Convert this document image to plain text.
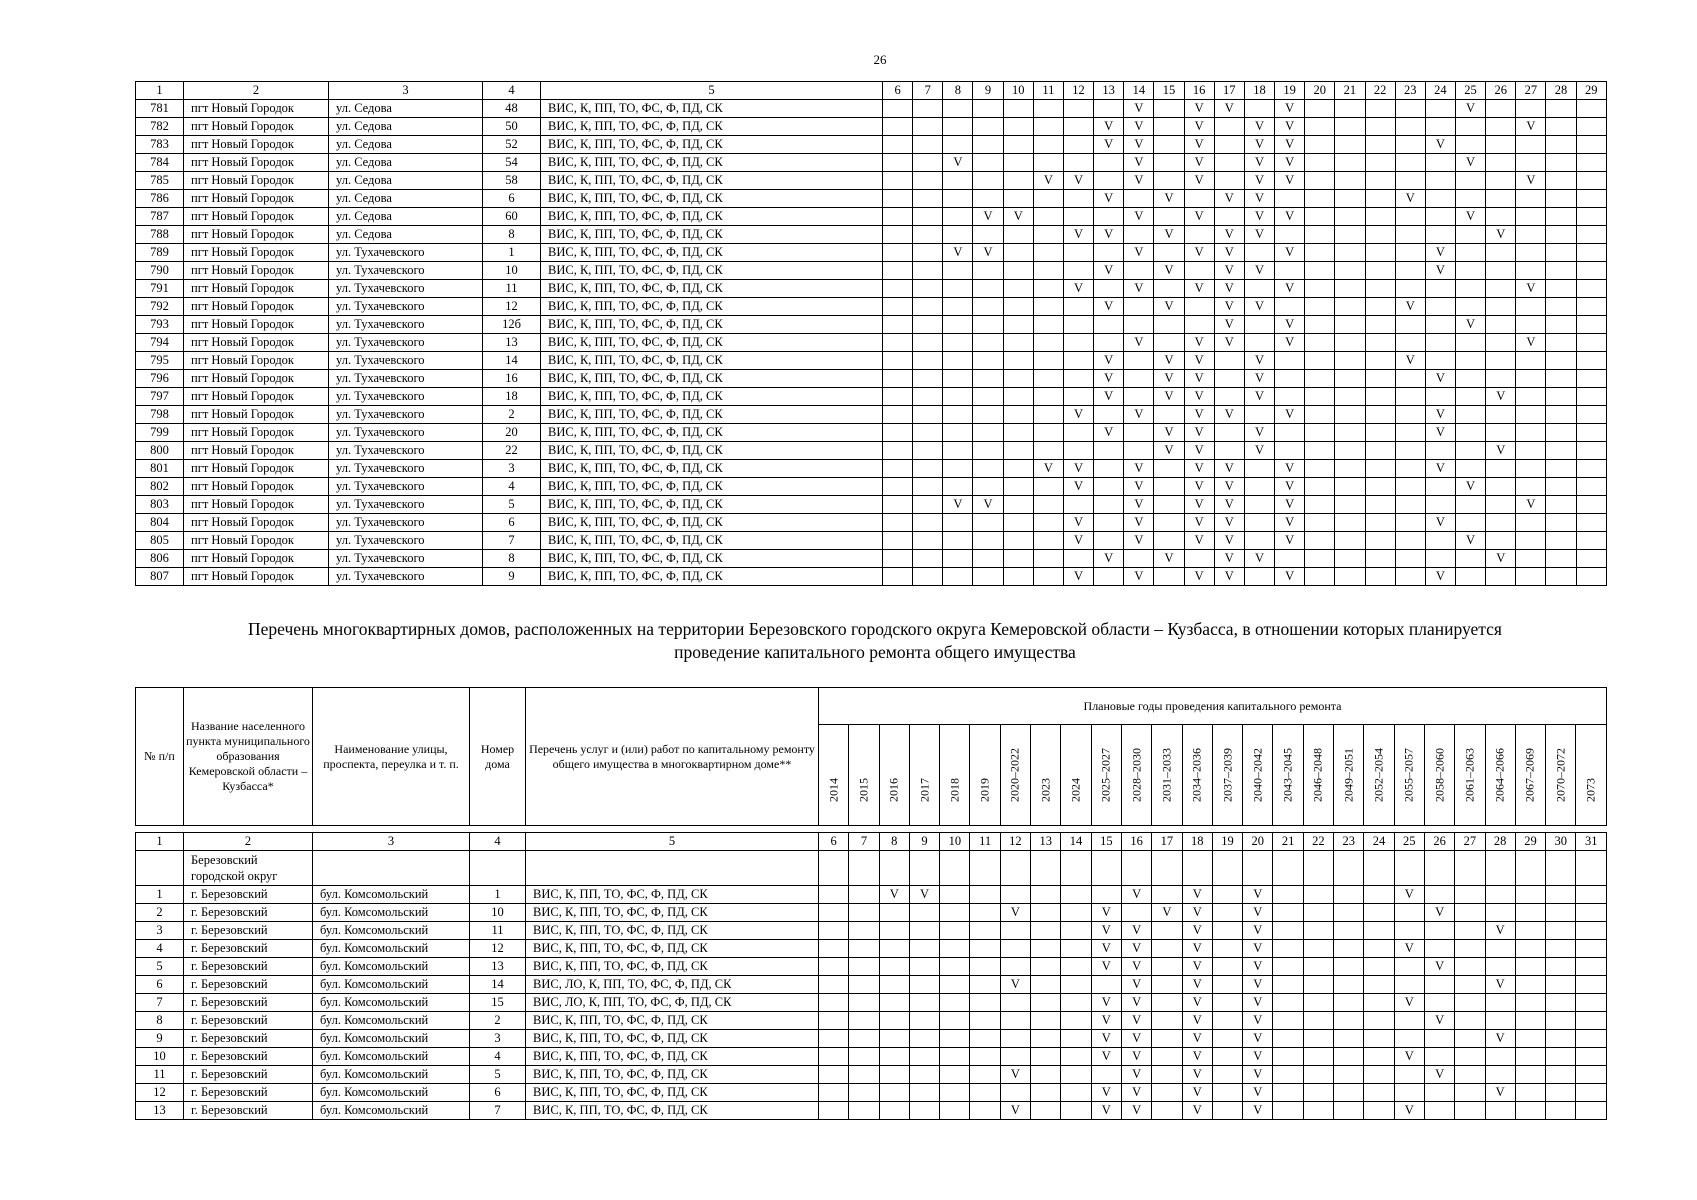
26
1	2	3	4	5	6	7	8	9	10	11	12	13	14	15	16	17	18	19	20	21	22	23	24	25	26	27	28	29
781	пгт Новый Городок	ул. Седова	48	ВИС, К, ПП, ТО, ФС, Ф, ПД, СК									V		V	V		V						V				
782	пгт Новый Городок	ул. Седова	50	ВИС, К, ПП, ТО, ФС, Ф, ПД, СК								V	V		V		V	V								V		
783	пгт Новый Городок	ул. Седова	52	ВИС, К, ПП, ТО, ФС, Ф, ПД, СК								V	V		V		V	V					V					
784	пгт Новый Городок	ул. Седова	54	ВИС, К, ПП, ТО, ФС, Ф, ПД, СК			V						V		V		V	V						V				
785	пгт Новый Городок	ул. Седова	58	ВИС, К, ПП, ТО, ФС, Ф, ПД, СК						V	V		V		V		V	V								V		
786	пгт Новый Городок	ул. Седова	6	ВИС, К, ПП, ТО, ФС, Ф, ПД, СК								V		V		V	V					V						
787	пгт Новый Городок	ул. Седова	60	ВИС, К, ПП, ТО, ФС, Ф, ПД, СК				V	V				V		V		V	V						V				
788	пгт Новый Городок	ул. Седова	8	ВИС, К, ПП, ТО, ФС, Ф, ПД, СК							V	V		V		V	V								V			
789	пгт Новый Городок	ул. Тухачевского	1	ВИС, К, ПП, ТО, ФС, Ф, ПД, СК			V	V					V		V	V		V					V					
790	пгт Новый Городок	ул. Тухачевского	10	ВИС, К, ПП, ТО, ФС, Ф, ПД, СК								V		V		V	V						V					
791	пгт Новый Городок	ул. Тухачевского	11	ВИС, К, ПП, ТО, ФС, Ф, ПД, СК							V		V		V	V		V								V		
792	пгт Новый Городок	ул. Тухачевского	12	ВИС, К, ПП, ТО, ФС, Ф, ПД, СК								V		V		V	V					V						
793	пгт Новый Городок	ул. Тухачевского	12б	ВИС, К, ПП, ТО, ФС, Ф, ПД, СК												V		V						V				
794	пгт Новый Городок	ул. Тухачевского	13	ВИС, К, ПП, ТО, ФС, Ф, ПД, СК									V		V	V		V								V		
795	пгт Новый Городок	ул. Тухачевского	14	ВИС, К, ПП, ТО, ФС, Ф, ПД, СК								V		V	V		V					V						
796	пгт Новый Городок	ул. Тухачевского	16	ВИС, К, ПП, ТО, ФС, Ф, ПД, СК								V		V	V		V						V					
797	пгт Новый Городок	ул. Тухачевского	18	ВИС, К, ПП, ТО, ФС, Ф, ПД, СК								V		V	V		V								V			
798	пгт Новый Городок	ул. Тухачевского	2	ВИС, К, ПП, ТО, ФС, Ф, ПД, СК							V		V		V	V		V					V					
799	пгт Новый Городок	ул. Тухачевского	20	ВИС, К, ПП, ТО, ФС, Ф, ПД, СК								V		V	V		V						V					
800	пгт Новый Городок	ул. Тухачевского	22	ВИС, К, ПП, ТО, ФС, Ф, ПД, СК										V	V		V								V			
801	пгт Новый Городок	ул. Тухачевского	3	ВИС, К, ПП, ТО, ФС, Ф, ПД, СК						V	V		V		V	V		V					V					
802	пгт Новый Городок	ул. Тухачевского	4	ВИС, К, ПП, ТО, ФС, Ф, ПД, СК							V		V		V	V		V						V				
803	пгт Новый Городок	ул. Тухачевского	5	ВИС, К, ПП, ТО, ФС, Ф, ПД, СК			V	V					V		V	V		V								V		
804	пгт Новый Городок	ул. Тухачевского	6	ВИС, К, ПП, ТО, ФС, Ф, ПД, СК							V		V		V	V		V					V					
805	пгт Новый Городок	ул. Тухачевского	7	ВИС, К, ПП, ТО, ФС, Ф, ПД, СК							V		V		V	V		V						V				
806	пгт Новый Городок	ул. Тухачевского	8	ВИС, К, ПП, ТО, ФС, Ф, ПД, СК								V		V		V	V								V			
807	пгт Новый Городок	ул. Тухачевского	9	ВИС, К, ПП, ТО, ФС, Ф, ПД, СК							V		V		V	V		V					V					
Перечень многоквартирных домов, расположенных на территории Березовского городского округа Кемеровской области – Кузбасса, в отношении которых планируется
проведение капитального ремонта общего имущества
№ п/п	Название населенного пункта муниципального образования Кемеровской области – Кузбасса*	Наименование улицы, проспекта, переулка и т. п.	Номер дома	Перечень услуг и (или) работ по капитальному ремонту общего имущества в многоквартирном доме**	Плановые годы проведения капитального ремонта																									

					2014	2015	2016	2017	2018	2019	2020–2022	2023	2024	2025–2027	2028–2030	2031–2033	2034–2036	2037–2039	2040–2042	2043–2045	2046–2048	2049–2051	2052–2054	2055–2057	2058–2060	2061–2063	2064–2066	2067–2069	2070–2072	2073

1	2	3	4	5	6	7	8	9	10	11	12	13	14	15	16	17	18	19	20	21	22	23	24	25	26	27	28	29	30	31
	Березовский городской округ																													
1	г. Березовский	бул. Комсомольский	1	ВИС, К, ПП, ТО, ФС, Ф, ПД, СК			V	V							V		V		V					V						
2	г. Березовский	бул. Комсомольский	10	ВИС, К, ПП, ТО, ФС, Ф, ПД, СК							V			V		V	V		V						V					
3	г. Березовский	бул. Комсомольский	11	ВИС, К, ПП, ТО, ФС, Ф, ПД, СК										V	V		V		V								V			
4	г. Березовский	бул. Комсомольский	12	ВИС, К, ПП, ТО, ФС, Ф, ПД, СК										V	V		V		V					V						
5	г. Березовский	бул. Комсомольский	13	ВИС, К, ПП, ТО, ФС, Ф, ПД, СК										V	V		V		V						V					
6	г. Березовский	бул. Комсомольский	14	ВИС, ЛО, К, ПП, ТО, ФС, Ф, ПД, СК							V				V		V		V								V			
7	г. Березовский	бул. Комсомольский	15	ВИС, ЛО, К, ПП, ТО, ФС, Ф, ПД, СК										V	V		V		V					V						
8	г. Березовский	бул. Комсомольский	2	ВИС, К, ПП, ТО, ФС, Ф, ПД, СК										V	V		V		V						V					
9	г. Березовский	бул. Комсомольский	3	ВИС, К, ПП, ТО, ФС, Ф, ПД, СК										V	V		V		V								V			
10	г. Березовский	бул. Комсомольский	4	ВИС, К, ПП, ТО, ФС, Ф, ПД, СК										V	V		V		V					V						
11	г. Березовский	бул. Комсомольский	5	ВИС, К, ПП, ТО, ФС, Ф, ПД, СК							V				V		V		V						V					
12	г. Березовский	бул. Комсомольский	6	ВИС, К, ПП, ТО, ФС, Ф, ПД, СК										V	V		V		V								V			
13	г. Березовский	бул. Комсомольский	7	ВИС, К, ПП, ТО, ФС, Ф, ПД, СК							V			V	V		V		V					V						
